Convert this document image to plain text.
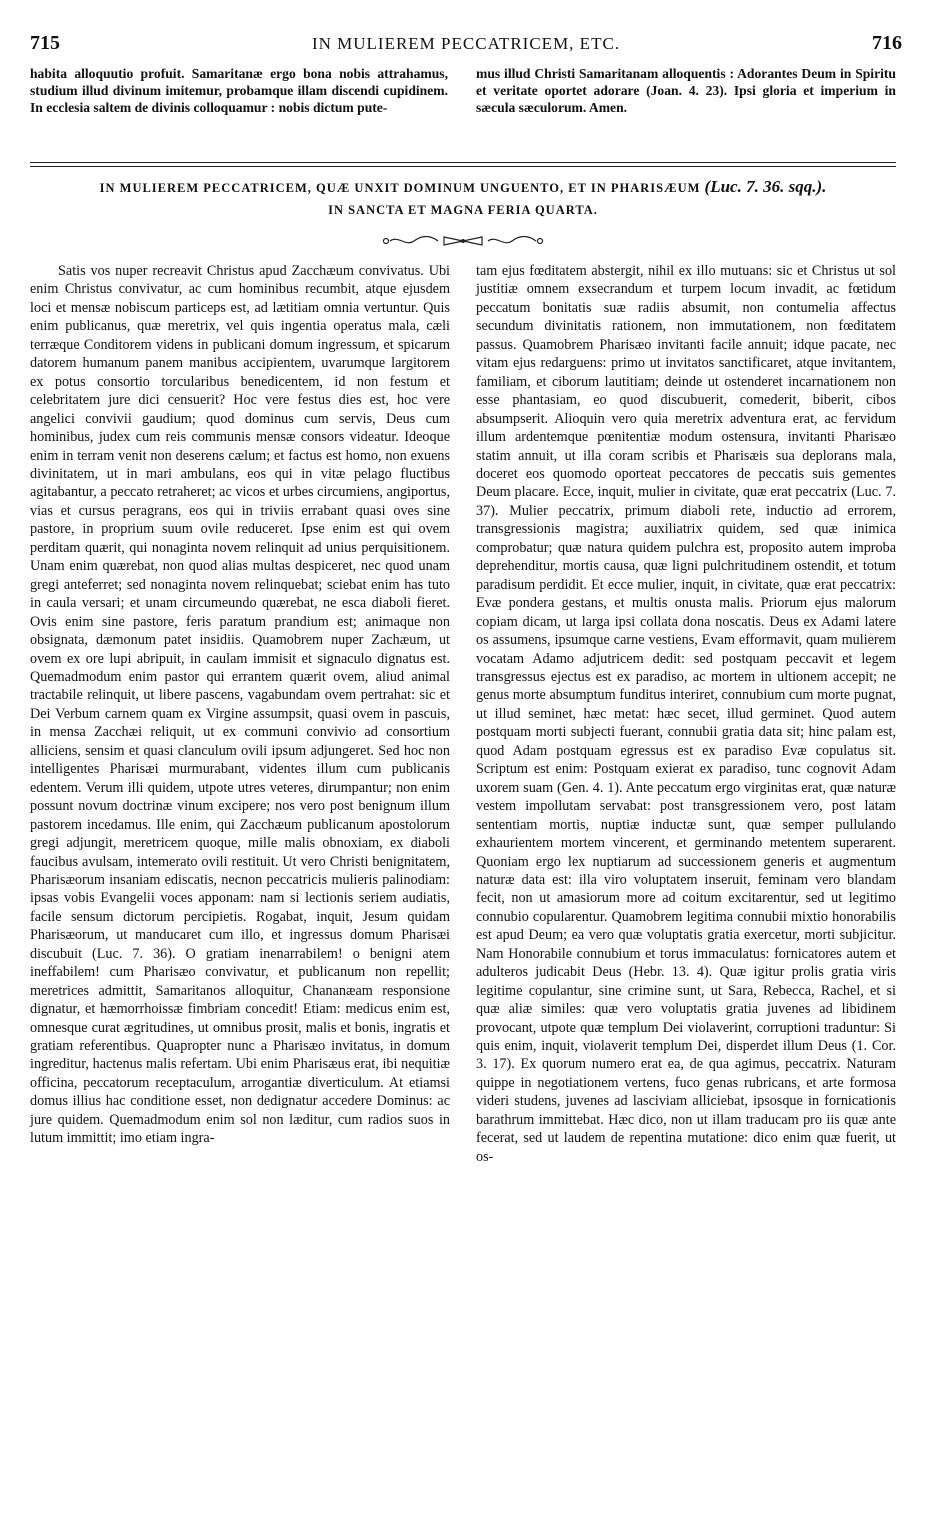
715	IN MULIEREM PECCATRICEM, ETC.	716

habita alloquutio profuit. Samaritanæ ergo bona nobis attrahamus, studium illud divinum imitemur, probamque illam discendi cupidinem. In ecclesia saltem de divinis colloquamur : nobis dictum pute-

mus illud Christi Samaritanam alloquentis : Adorantes Deum in Spiritu et veritate oportet adorare (Joan. 4. 23). Ipsi gloria et imperium in sæcula sæculorum. Amen.

IN MULIEREM PECCATRICEM, QUÆ UNXIT DOMINUM UNGUENTO, ET IN PHARISÆUM (Luc. 7. 36. sqq.).
IN SANCTA ET MAGNA FERIA QUARTA.

Satis vos nuper recreavit Christus apud Zacchæum convivatus. Ubi enim Christus convivatur, ac cum hominibus recumbit, atque ejusdem loci et mensæ nobiscum particeps est, ad lætitiam omnia vertuntur. Quis enim publicanus, quæ meretrix, vel quis ingentia operatus mala, cæli terræque Conditorem videns in publicani domum ingressum, et spicarum datorem humanum panem manibus accipientem, uvarumque largitorem ex potus consortio torcularibus benedicentem, id non festum et celebritatem jure dici censuerit? Hoc vere festus dies est, hoc vere angelici convivii gaudium; quod dominus cum servis, Deus cum hominibus, judex cum reis communis mensæ consors videatur. Ideoque enim in terram venit non deserens cælum; et factus est homo, non exuens divinitatem, ut in mari ambulans, eos qui in vitæ pelago fluctibus agitabantur, a peccato retraheret; ac vicos et urbes circumiens, angiportus, vias et cursus peragrans, eos qui in triviis errabant quasi oves sine pastore, in proprium suum ovile reduceret. Ipse enim est qui ovem perditam quærit, qui nonaginta novem relinquit ad unius perquisitionem. Unam enim quærebat, non quod alias multas despiceret, nec quod unam gregi anteferret; sed nonaginta novem relinquebat; sciebat enim has tuto in caula versari; et unam circumeundo quærebat, ne esca diaboli fieret. Ovis enim sine pastore, feris paratum prandium est; animaque non obsignata, dæmonum patet insidiis. Quamobrem nuper Zachæum, ut ovem ex ore lupi abripuit, in caulam immisit et signaculo dignatus est. Quemadmodum enim pastor qui errantem quærit ovem, aliud animal tractabile relinquit, ut libere pascens, vagabundam ovem pertrahat: sic et Dei Verbum carnem quam ex Virgine assumpsit, quasi ovem in pascuis, in mensa Zacchæi reliquit, ut ex communi convivio ad consortium alliciens, sensim et quasi clanculum ovili ipsum adjungeret. Sed hoc non intelligentes Pharisæi murmurabant, videntes illum cum publicanis edentem. Verum illi quidem, utpote utres veteres, dirumpantur; non enim possunt novum doctrinæ vinum excipere; nos vero post benignum illum pastorem incedamus. Ille enim, qui Zacchæum publicanum apostolorum gregi adjungit, meretricem quoque, mille malis obnoxiam, ex diaboli faucibus avulsam, intemerato ovili restituit. Ut vero Christi benignitatem, Pharisæorum insaniam ediscatis, necnon peccatricis mulieris palinodiam: ipsas vobis Evangelii voces apponam: nam si lectionis seriem audiatis, facile sensum dictorum percipietis. Rogabat, inquit, Jesum quidam Pharisæorum, ut manducaret cum illo, et ingressus domum Pharisæi discubuit (Luc. 7. 36). O gratiam inenarrabilem! o benigni atem ineffabilem! cum Pharisæo convivatur, et publicanum non repellit; meretrices admittit, Samaritanos alloquitur, Chananæam responsione dignatur, et hæmorrhoissæ fimbriam concedit! Etiam: medicus enim est, omnesque curat ægritudines, ut omnibus prosit, malis et bonis, ingratis et gratiam referentibus. Quapropter nunc a Pharisæo invitatus, in domum ingreditur, hactenus malis refertam. Ubi enim Pharisæus erat, ibi nequitiæ officina, peccatorum receptaculum, arrogantiæ diverticulum. At etiamsi domus illius hac conditione esset, non dedignatur accedere Dominus: ac jure quidem. Quemadmodum enim sol non læditur, cum radios suos in lutum immittit; imo etiam ingra-

tam ejus fœditatem abstergit, nihil ex illo mutuans: sic et Christus ut sol justitiæ omnem exsecrandum et turpem locum invadit, ac fœtidum peccatum bonitatis suæ radiis absumit, non contumelia affectus secundum divinitatis rationem, non immutationem, non fœditatem passus. Quamobrem Pharisæo invitanti facile annuit; idque pacate, nec vitam ejus redarguens: primo ut invitatos sanctificaret, atque invitantem, familiam, et ciborum lautitiam; deinde ut ostenderet incarnationem non esse phantasiam, eo quod discubuerit, comederit, biberit, cibos absumpserit. Alioquin vero quia meretrix adventura erat, ac fervidum illum ardentemque pœnitentiæ modum ostensura, invitanti Pharisæo statim annuit, ut illa coram scribis et Pharisæis sua deplorans mala, doceret eos quomodo oporteat peccatores de peccatis suis gementes Deum placare. Ecce, inquit, mulier in civitate, quæ erat peccatrix (Luc. 7. 37). Mulier peccatrix, primum diaboli rete, inductio ad errorem, transgressionis magistra; auxiliatrix quidem, sed quæ inimica comprobatur; quæ natura quidem pulchra est, proposito autem improba deprehenditur, mortis causa, quæ ligni pulchritudinem ostendit, et totum paradisum perdidit. Et ecce mulier, inquit, in civitate, quæ erat peccatrix: Evæ pondera gestans, et multis onusta malis. Priorum ejus malorum copiam dicam, ut larga ipsi collata dona noscatis. Deus ex Adami latere os assumens, ipsumque carne vestiens, Evam efformavit, quam mulierem vocatam Adamo adjutricem dedit: sed postquam peccavit et legem transgressus ejectus est ex paradiso, ac mortem in ultionem accepit; ne genus morte absumptum funditus interiret, connubium cum morte pugnat, ut illud seminet, hæc metat: hæc secet, illud germinet. Quod autem postquam morti subjecti fuerant, connubii gratia data sit; hinc palam est, quod Adam postquam egressus est ex paradiso Evæ copulatus sit. Scriptum est enim: Postquam exierat ex paradiso, tunc cognovit Adam uxorem suam (Gen. 4. 1). Ante peccatum ergo virginitas erat, quæ naturæ vestem impollutam servabat: post transgressionem vero, post latam sententiam mortis, nuptiæ inductæ sunt, quæ semper pullulando exhaurientem mortem vincerent, et germinando metentem superarent. Quoniam ergo lex nuptiarum ad successionem generis et augmentum naturæ data est: illa viro voluptatem inseruit, feminam vero blandam fecit, non ut amasiorum more ad coitum excitarentur, sed ut legitimo connubio copularentur. Quamobrem legitima connubii mixtio honorabilis est apud Deum; ea vero quæ voluptatis gratia exercetur, morti subjicitur. Nam Honorabile connubium et torus immaculatus: fornicatores autem et adulteros judicabit Deus (Hebr. 13. 4). Quæ igitur prolis gratia viris legitime copulantur, sine crimine sunt, ut Sara, Rebecca, Rachel, et si quæ aliæ similes: quæ vero voluptatis gratia juvenes ad libidinem provocant, utpote quæ templum Dei violaverint, corruptioni traduntur: Si quis enim, inquit, violaverit templum Dei, disperdet illum Deus (1. Cor. 3. 17). Ex quorum numero erat ea, de qua agimus, peccatrix. Naturam quippe in negotiationem vertens, fuco genas rubricans, et arte formosa videri studens, juvenes ad lasciviam alliciebat, ipsosque in fornicationis barathrum immittebat. Hæc dico, non ut illam traducam pro iis quæ ante fecerat, sed ut laudem de repentina mutatione: dico enim quæ fuerit, ut os-
